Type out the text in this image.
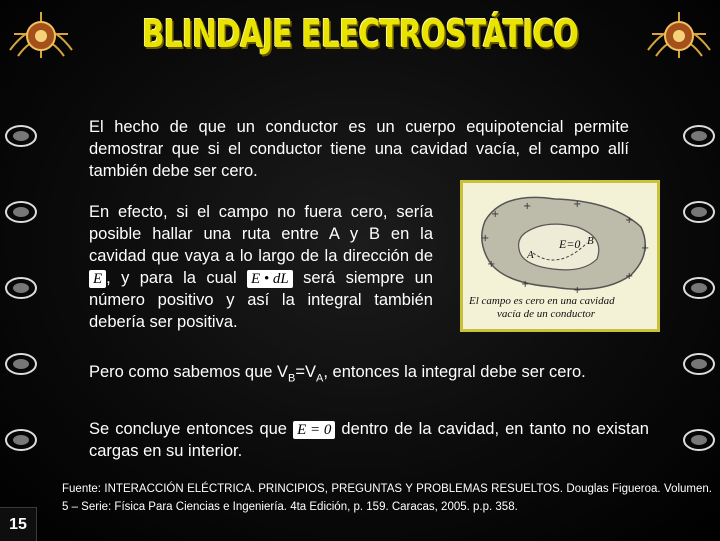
BLINDAJE ELECTROSTÁTICO
El hecho de que un conductor es un cuerpo equipotencial permite demostrar que si el conductor tiene una cavidad vacía, el campo allí también debe ser cero.
En efecto, si el campo no fuera cero, sería posible hallar una ruta entre A y B en la cavidad que vaya a lo largo de la dirección de E , y para la cual E • dL será siempre un número positivo y así la integral también debería ser positiva.
+
+	+
+
+
+
+
+
+
+	E=0
A
B
El campo es cero en una cavidad
vacía de un conductor
Pero como sabemos que $V_B=V_A$, entonces la integral debe ser cero.
Se concluye entonces que E = 0 dentro de la cavidad, en tanto no existan cargas en su interior.
Fuente: INTERACCIÓN ELÉCTRICA. PRINCIPIOS, PREGUNTAS Y PROBLEMAS RESUELTOS. Douglas Figueroa. Volumen. 5 – Serie: Física Para Ciencias e Ingeniería. 4ta Edición, p. 159. Caracas, 2005. p.p. 358.
15
